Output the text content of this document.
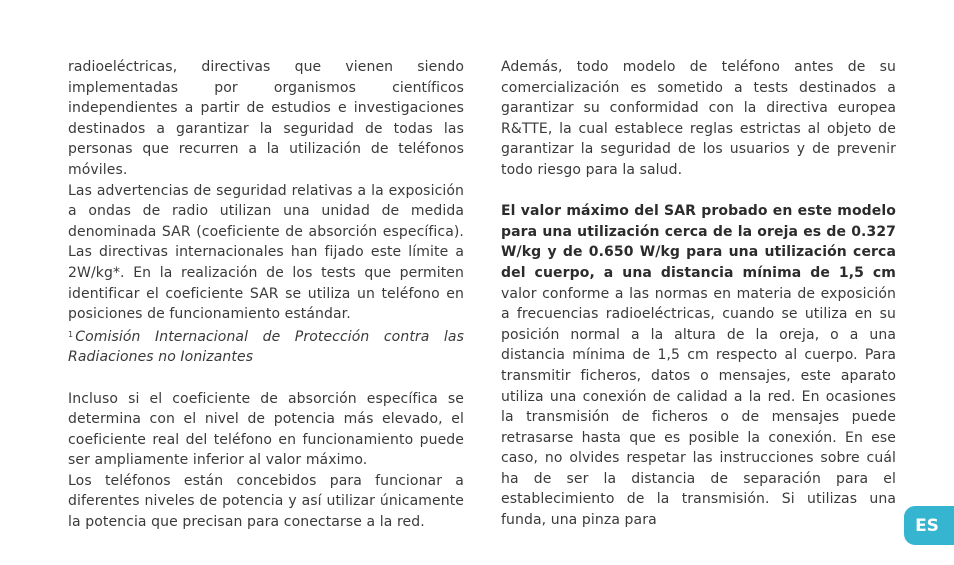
radioeléctricas, directivas que vienen siendo implementadas por organismos científicos independientes a partir de estudios e investigaciones destinados a garantizar la seguridad de todas las personas que recurren a la utilización de teléfonos móviles.

Las advertencias de seguridad relativas a la exposición a ondas de radio utilizan una unidad de medida denominada SAR (coeficiente de absorción específica). Las directivas internacionales han fijado este límite a 2W/kg*. En la realización de los tests que permiten identificar el coeficiente SAR se utiliza un teléfono en posiciones de funcionamiento estándar.

$^1$ Comisión Internacional de Protección contra las Radiaciones no Ionizantes

Incluso si el coeficiente de absorción específica se determina con el nivel de potencia más elevado, el coeficiente real del teléfono en funcionamiento puede ser ampliamente inferior al valor máximo.

Los teléfonos están concebidos para funcionar a diferentes niveles de potencia y así utilizar únicamente la potencia que precisan para conectarse a la red.

Además, todo modelo de teléfono antes de su comercialización es sometido a tests destinados a garantizar su conformidad con la directiva europea R&TTE, la cual establece reglas estrictas al objeto de garantizar la seguridad de los usuarios y de prevenir todo riesgo para la salud.

El valor máximo del SAR probado en este modelo para una utilización cerca de la oreja es de 0.327 W/kg y de 0.650 W/kg para una utilización cerca del cuerpo, a una distancia mínima de 1,5 cm valor conforme a las normas en materia de exposición a frecuencias radioeléctricas, cuando se utiliza en su posición normal a la altura de la oreja, o a una distancia mínima de 1,5 cm respecto al cuerpo. Para transmitir ficheros, datos o mensajes, este aparato utiliza una conexión de calidad a la red. En ocasiones la transmisión de ficheros o de mensajes puede retrasarse hasta que es posible la conexión. En ese caso, no olvides respetar las instrucciones sobre cuál ha de ser la distancia de separación para el establecimiento de la transmisión. Si utilizas una funda, una pinza para	ES
